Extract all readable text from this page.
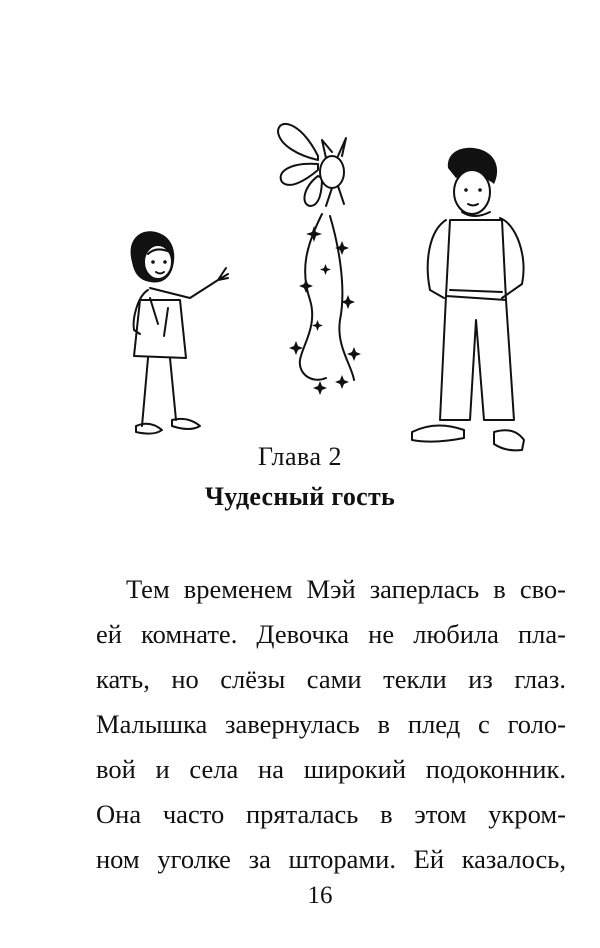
Глава 2
Чудесный гость
Тем временем Мэй заперлась в сво-
ей комнате. Девочка не любила пла-
кать, но слёзы сами текли из глаз.
Малышка завернулась в плед с голо-
вой и села на широкий подоконник.
Она часто пряталась в этом укром-
ном уголке за шторами. Ей казалось,
16
